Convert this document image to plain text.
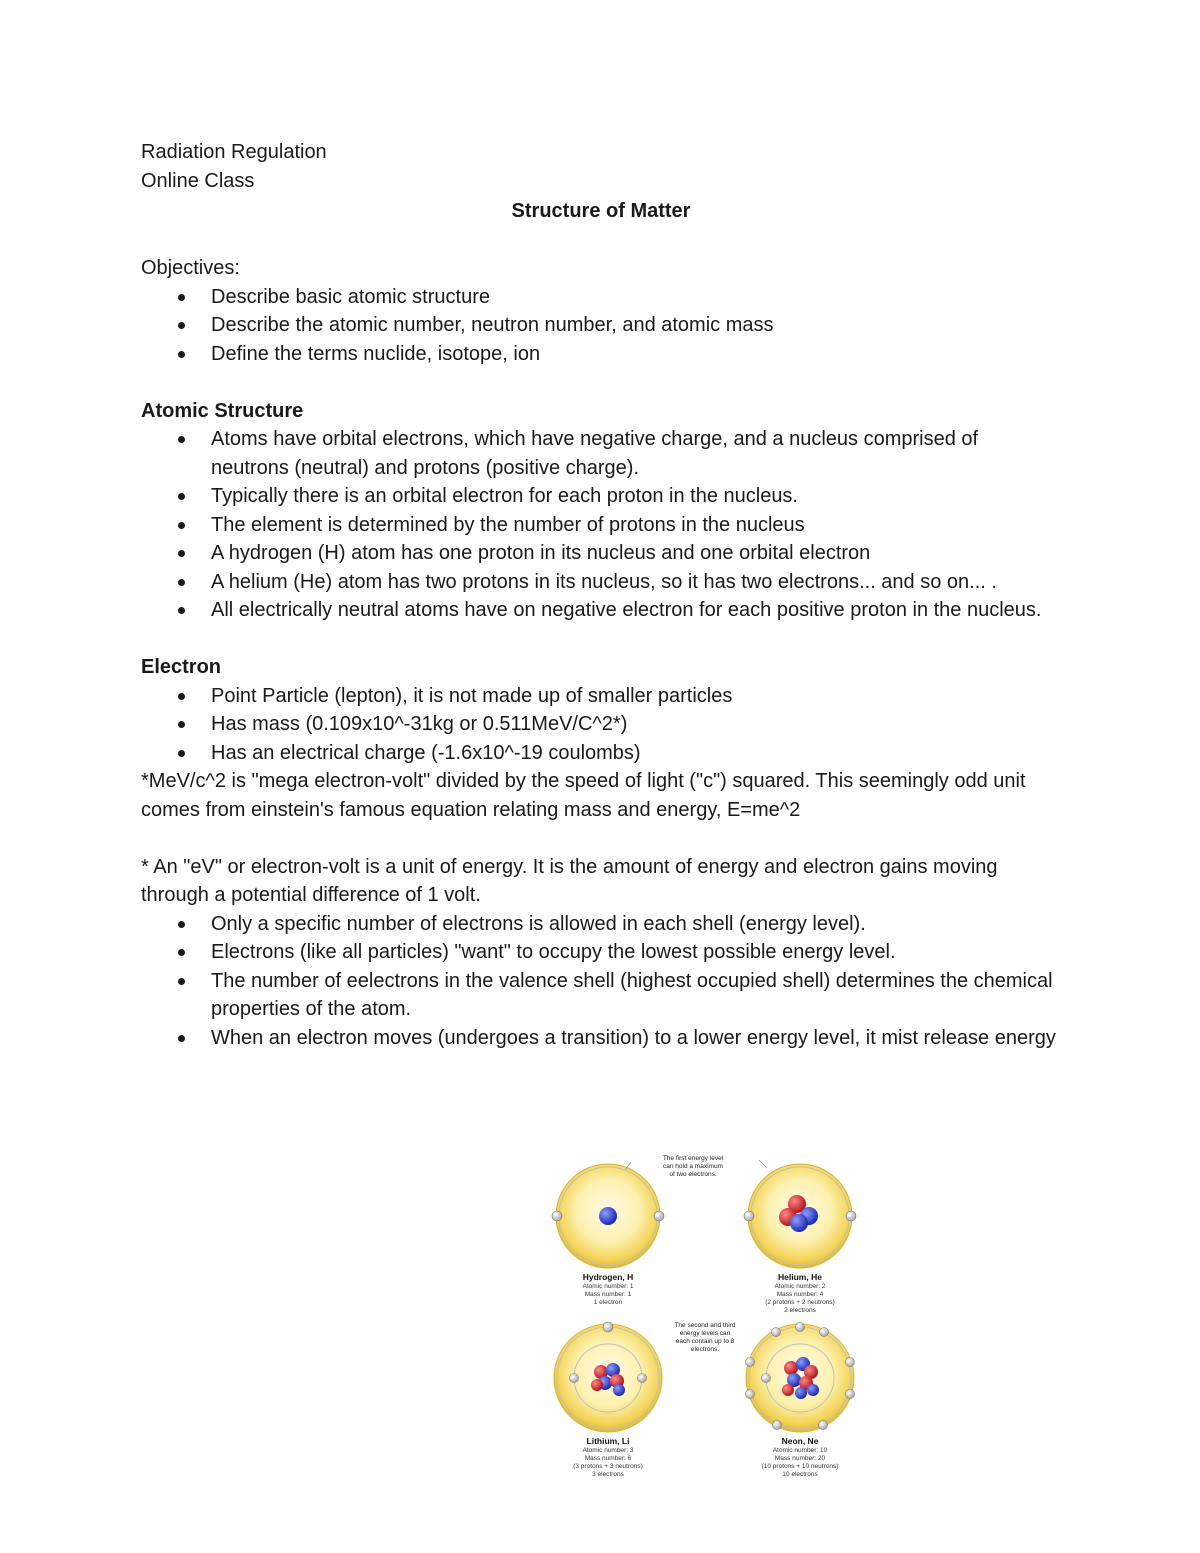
Radiation Regulation

Online Class

Structure of Matter

Objectives:

Describe basic atomic structure
Describe the atomic number, neutron number, and atomic mass
Define the terms nuclide, isotope, ion

Atomic Structure

Atoms have orbital electrons, which have negative charge, and a nucleus comprised of neutrons (neutral) and protons (positive charge).
Typically there is an orbital electron for each proton in the nucleus.
The element is determined by the number of protons in the nucleus
A hydrogen (H) atom has one proton in its nucleus and one orbital electron
A helium (He) atom has two protons in its nucleus, so it has two electrons... and so on... .
All electrically neutral atoms have on negative electron for each positive proton in the nucleus.

Electron

Point Particle (lepton), it is not made up of smaller particles
Has mass (0.109x10^-31kg or 0.511MeV/C^2*)
Has an electrical charge (-1.6x10^-19 coulombs)

*MeV/c^2 is "mega electron-volt" divided by the speed of light ("c") squared. This seemingly odd unit comes from einstein's famous equation relating mass and energy, E=me^2

* An "eV" or electron-volt is a unit of energy. It is the amount of energy and electron gains moving through a potential difference of 1 volt.

Only a specific number of electrons is allowed in each shell (energy level).
Electrons (like all particles) "want" to occupy the lowest possible energy level.
The number of eelectrons in the valence shell (highest occupied shell) determines the chemical properties of the atom.
When an electron moves (undergoes a transition) to a lower energy level, it mist release energy
Hydrogen, H
Atomic number: 1
Mass number: 1
1 electron
The first energy level
can hold a maximum
of two electrons.
Helium, He
Atomic number: 2
Mass number: 4
(2 protons + 2 neutrons)
2 electrons
The second and third
energy levels can
each contain up to 8
electrons.
Lithium, Li
Atomic number: 3
Mass number: 6
(3 protons + 3 neutrons)
3 electrons
Neon, Ne
Atomic number: 10
Mass number: 20
(10 protons + 10 neutrons)
10 electrons
